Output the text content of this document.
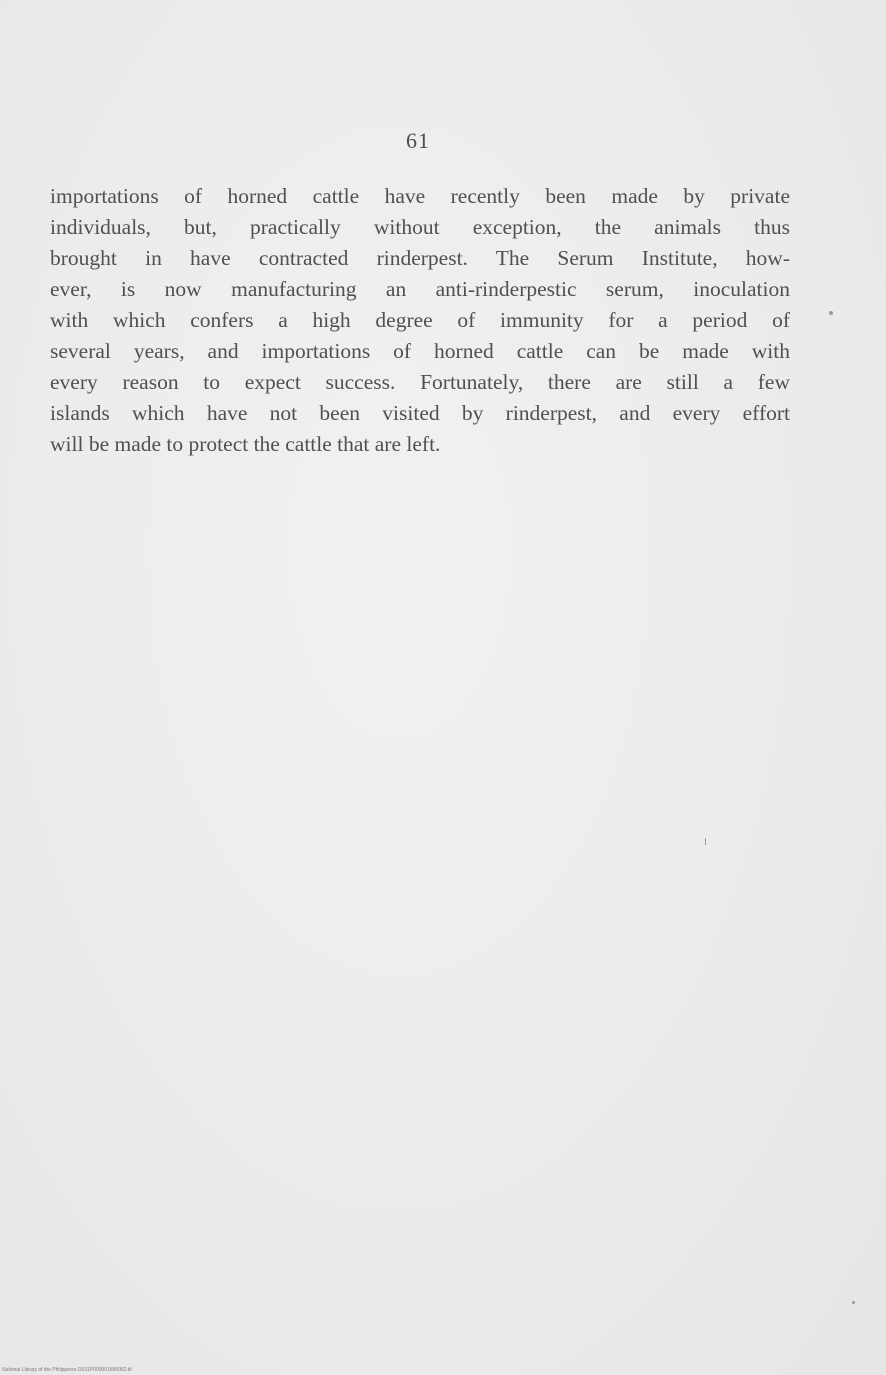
61

importations of horned cattle have recently been made by private
individuals, but, practically without exception, the animals thus
brought in have contracted rinderpest. The Serum Institute, how-
ever, is now manufacturing an anti-rinderpestic serum, inoculation
with which confers a high degree of immunity for a period of
several years, and importations of horned cattle can be made with
every reason to expect success. Fortunately, there are still a few
islands which have not been visited by rinderpest, and every effort
will be made to protect the cattle that are left.

National Library of the Philippines D031P000001890062.tif
